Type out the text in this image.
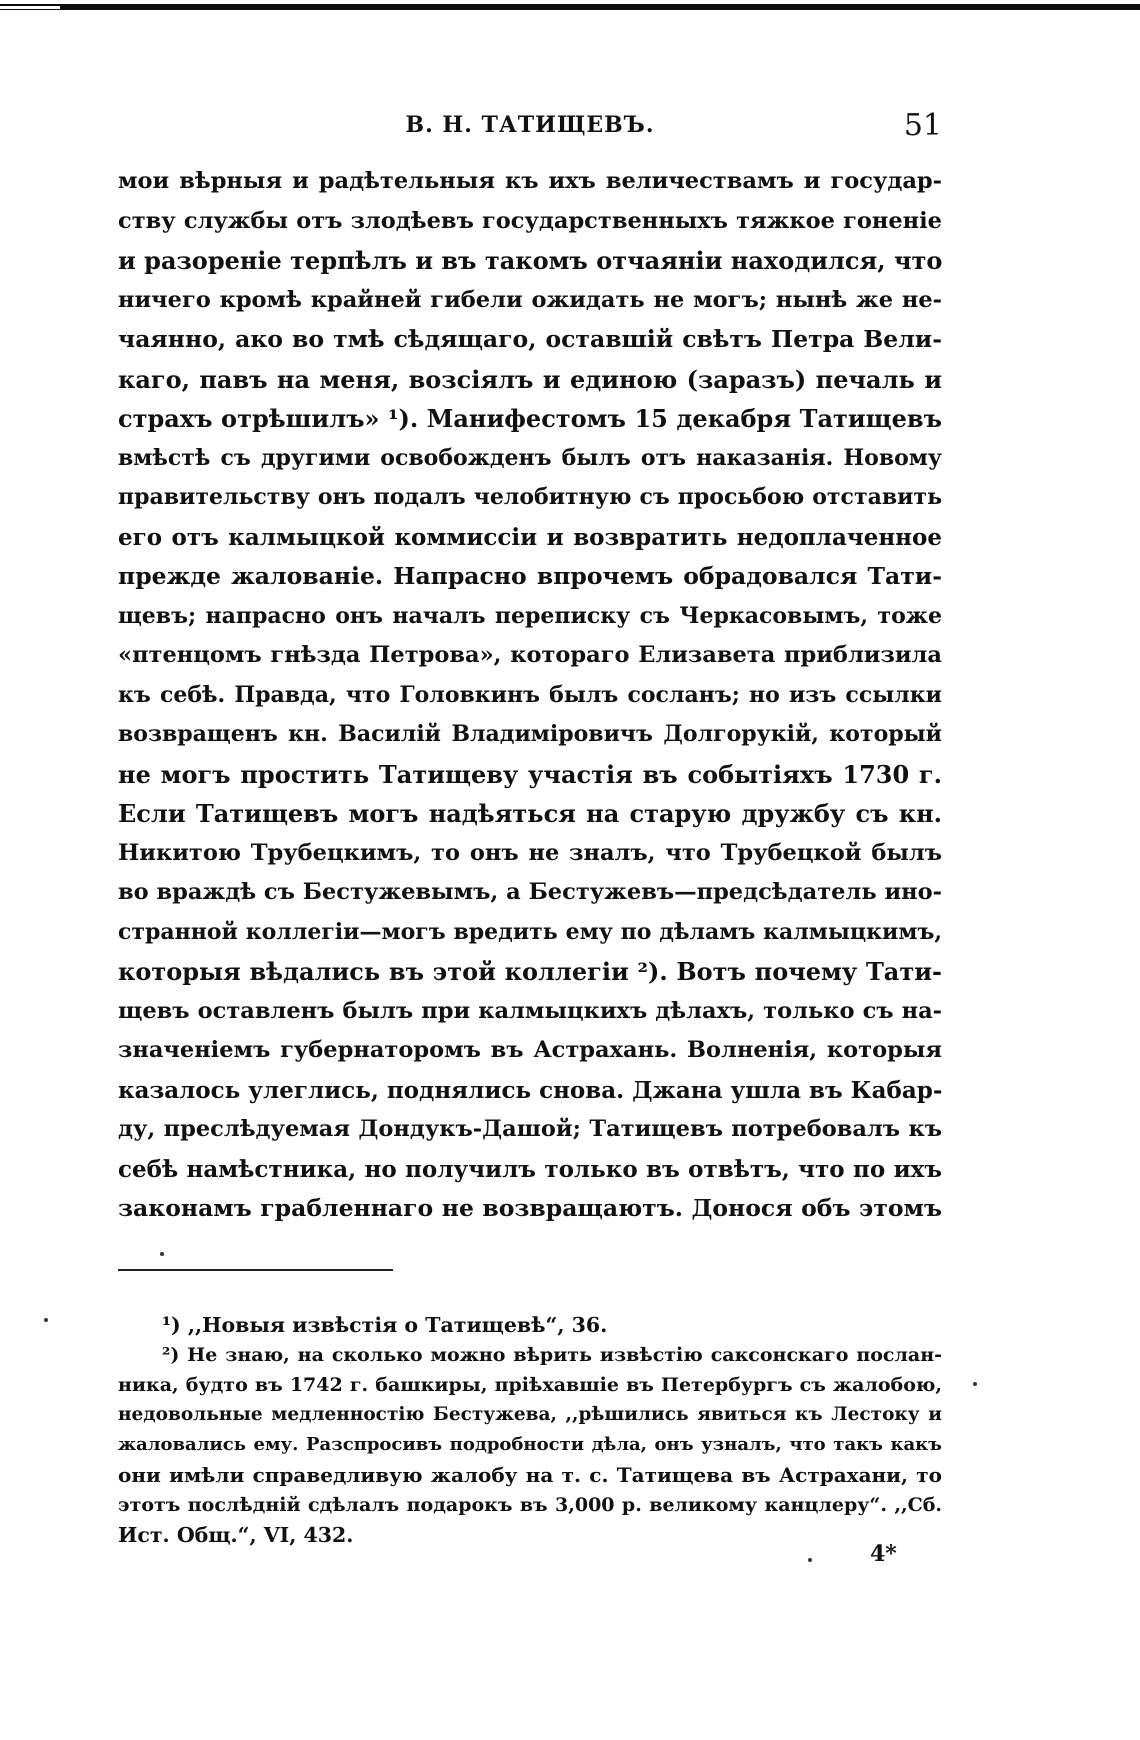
В. Н. ТАТИЩЕВЪ.	51
мои вѣрныя и радѣтельныя къ ихъ величествамъ и государ-
ству службы отъ злодѣевъ государственныхъ тяжкое гоненіе
и разореніе терпѣлъ и въ такомъ отчаяніи находился, что
ничего кромѣ крайней гибели ожидать не могъ; нынѣ же не-
чаянно, ако во тмѣ сѣдящаго, оставшій свѣтъ Петра Вели-
каго, павъ на меня, возсіялъ и единою (заразъ) печаль и
страхъ отрѣшилъ» ¹). Манифестомъ 15 декабря Татищевъ
вмѣстѣ съ другими освобожденъ былъ отъ наказанія. Новому
правительству онъ подалъ челобитную съ просьбою отставить
его отъ калмыцкой коммиссіи и возвратить недоплаченное
прежде жалованіе. Напрасно впрочемъ обрадовался Тати-
щевъ; напрасно онъ началъ переписку съ Черкасовымъ, тоже
«птенцомъ гнѣзда Петрова», котораго Елизавета приблизила
къ себѣ. Правда, что Головкинъ былъ сосланъ; но изъ ссылки
возвращенъ кн. Василій Владиміровичъ Долгорукій, который
не могъ простить Татищеву участія въ событіяхъ 1730 г.
Если Татищевъ могъ надѣяться на старую дружбу съ кн.
Никитою Трубецкимъ, то онъ не зналъ, что Трубецкой былъ
во враждѣ съ Бестужевымъ, а Бестужевъ—предсѣдатель ино-
странной коллегіи—могъ вредить ему по дѣламъ калмыцкимъ,
которыя вѣдались въ этой коллегіи ²). Вотъ почему Тати-
щевъ оставленъ былъ при калмыцкихъ дѣлахъ, только съ на-
значеніемъ губернаторомъ въ Астрахань. Волненія, которыя
казалось улеглись, поднялись снова. Джана ушла въ Кабар-
ду, преслѣдуемая Дондукъ-Дашой; Татищевъ потребовалъ къ
себѣ намѣстника, но получилъ только въ отвѣтъ, что по ихъ
законамъ грабленнаго не возвращаютъ. Донося объ этомъ
¹) ,,Новыя извѣстія о Татищевѣ“, 36.
²) Не знаю, на сколько можно вѣрить извѣстію саксонскаго послан-
ника, будто въ 1742 г. башкиры, пріѣхавшіе въ Петербургъ съ жалобою,
недовольные медленностію Бестужева, ,,рѣшились явиться къ Лестоку и
жаловались ему. Разспросивъ подробности дѣла, онъ узналъ, что такъ какъ
они имѣли справедливую жалобу на т. с. Татищева въ Астрахани, то
этотъ послѣдній сдѣлалъ подарокъ въ 3,000 р. великому канцлеру“. ,,Сб.
Ист. Общ.“, VI, 432.
4*
